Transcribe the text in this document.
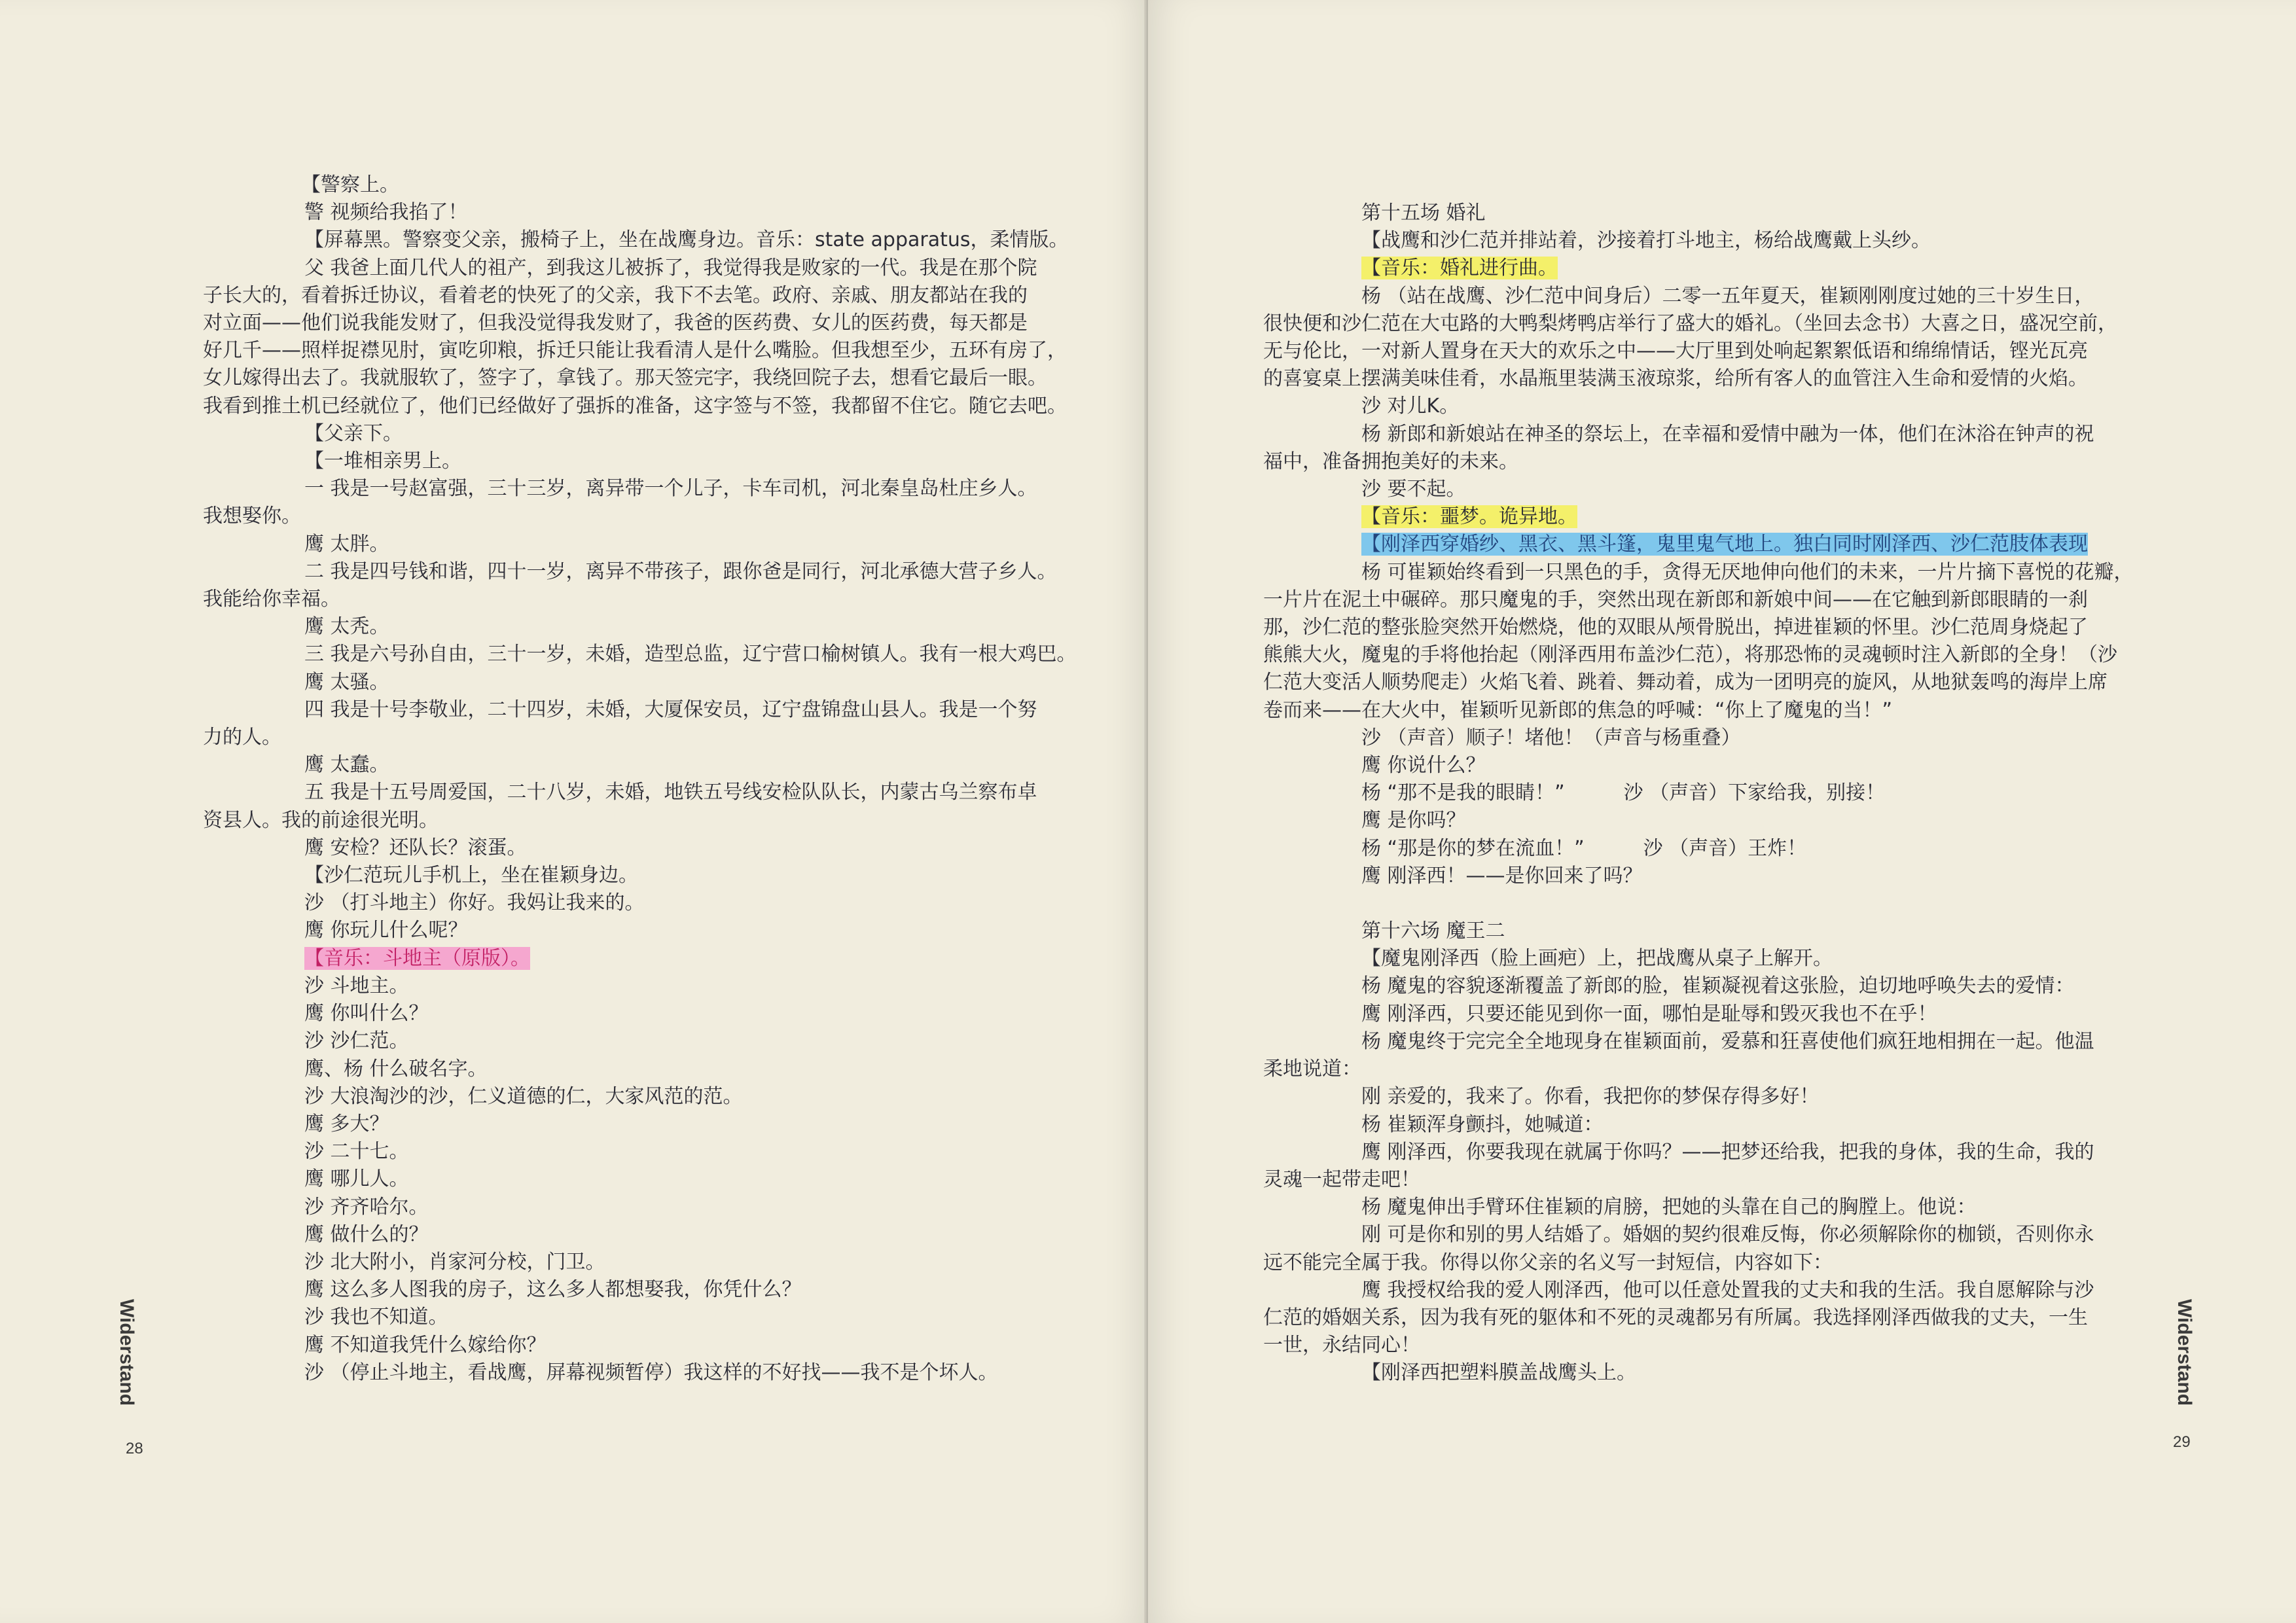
【警察上。
警 视频给我掐了！
【屏幕黑。警察变父亲，搬椅子上，坐在战鹰身边。音乐：state apparatus，柔情版。
父 我爸上面几代人的祖产，到我这儿被拆了，我觉得我是败家的一代。我是在那个院
子长大的，看着拆迁协议，看着老的快死了的父亲，我下不去笔。政府、亲戚、朋友都站在我的
对立面——他们说我能发财了，但我没觉得我发财了，我爸的医药费、女儿的医药费，每天都是
好几千——照样捉襟见肘，寅吃卯粮，拆迁只能让我看清人是什么嘴脸。但我想至少，五环有房了，
女儿嫁得出去了。我就服软了，签字了，拿钱了。那天签完字，我绕回院子去，想看它最后一眼。
我看到推土机已经就位了，他们已经做好了强拆的准备，这字签与不签，我都留不住它。随它去吧。
【父亲下。
【一堆相亲男上。
一 我是一号赵富强，三十三岁，离异带一个儿子，卡车司机，河北秦皇岛杜庄乡人。
我想娶你。
鹰 太胖。
二 我是四号钱和谐，四十一岁，离异不带孩子，跟你爸是同行，河北承德大营子乡人。
我能给你幸福。
鹰 太秃。
三 我是六号孙自由，三十一岁，未婚，造型总监，辽宁营口榆树镇人。我有一根大鸡巴。
鹰 太骚。
四 我是十号李敬业，二十四岁，未婚，大厦保安员，辽宁盘锦盘山县人。我是一个努
力的人。
鹰 太蠢。
五 我是十五号周爱国，二十八岁，未婚，地铁五号线安检队队长，内蒙古乌兰察布卓
资县人。我的前途很光明。
鹰 安检？还队长？滚蛋。
【沙仁范玩儿手机上，坐在崔颖身边。
沙 （打斗地主）你好。我妈让我来的。
鹰 你玩儿什么呢？
【音乐：斗地主（原版）。
沙 斗地主。
鹰 你叫什么？
沙 沙仁范。
鹰、杨 什么破名字。
沙 大浪淘沙的沙，仁义道德的仁，大家风范的范。
鹰 多大？
沙 二十七。
鹰 哪儿人。
沙 齐齐哈尔。
鹰 做什么的？
沙 北大附小，肖家河分校，门卫。
鹰 这么多人图我的房子，这么多人都想娶我，你凭什么？
沙 我也不知道。
鹰 不知道我凭什么嫁给你？
沙 （停止斗地主，看战鹰，屏幕视频暂停）我这样的不好找——我不是个坏人。
Widerstand
28
第十五场 婚礼
【战鹰和沙仁范并排站着，沙接着打斗地主，杨给战鹰戴上头纱。
【音乐：婚礼进行曲。
杨 （站在战鹰、沙仁范中间身后）二零一五年夏天，崔颖刚刚度过她的三十岁生日，
很快便和沙仁范在大屯路的大鸭梨烤鸭店举行了盛大的婚礼。（坐回去念书）大喜之日，盛况空前，
无与伦比，一对新人置身在天大的欢乐之中——大厅里到处响起絮絮低语和绵绵情话，铿光瓦亮
的喜宴桌上摆满美味佳肴，水晶瓶里装满玉液琼浆，给所有客人的血管注入生命和爱情的火焰。
沙 对儿K。
杨 新郎和新娘站在神圣的祭坛上，在幸福和爱情中融为一体，他们在沐浴在钟声的祝
福中，准备拥抱美好的未来。
沙 要不起。
【音乐：噩梦。诡异地。
【刚泽西穿婚纱、黑衣、黑斗篷，鬼里鬼气地上。独白同时刚泽西、沙仁范肢体表现
杨 可崔颖始终看到一只黑色的手，贪得无厌地伸向他们的未来，一片片摘下喜悦的花瓣，
一片片在泥土中碾碎。那只魔鬼的手，突然出现在新郎和新娘中间——在它触到新郎眼睛的一刹
那，沙仁范的整张脸突然开始燃烧，他的双眼从颅骨脱出，掉进崔颖的怀里。沙仁范周身烧起了
熊熊大火，魔鬼的手将他抬起（刚泽西用布盖沙仁范），将那恐怖的灵魂顿时注入新郎的全身！（沙
仁范大变活人顺势爬走）火焰飞着、跳着、舞动着，成为一团明亮的旋风，从地狱轰鸣的海岸上席
卷而来——在大火中，崔颖听见新郎的焦急的呼喊：“你上了魔鬼的当！”
沙 （声音）顺子！堵他！（声音与杨重叠）
鹰 你说什么？
杨 “那不是我的眼睛！”　　　沙 （声音）下家给我，别接！
鹰 是你吗？
杨 “那是你的梦在流血！”　　　沙 （声音）王炸！
鹰 刚泽西！——是你回来了吗？
第十六场 魔王二
【魔鬼刚泽西（脸上画疤）上，把战鹰从桌子上解开。
杨 魔鬼的容貌逐渐覆盖了新郎的脸，崔颖凝视着这张脸，迫切地呼唤失去的爱情：
鹰 刚泽西，只要还能见到你一面，哪怕是耻辱和毁灭我也不在乎！
杨 魔鬼终于完完全全地现身在崔颖面前，爱慕和狂喜使他们疯狂地相拥在一起。他温
柔地说道：
刚 亲爱的，我来了。你看，我把你的梦保存得多好！
杨 崔颖浑身颤抖，她喊道：
鹰 刚泽西，你要我现在就属于你吗？——把梦还给我，把我的身体，我的生命，我的
灵魂一起带走吧！
杨 魔鬼伸出手臂环住崔颖的肩膀，把她的头靠在自己的胸膛上。他说：
刚 可是你和别的男人结婚了。婚姻的契约很难反悔，你必须解除你的枷锁，否则你永
远不能完全属于我。你得以你父亲的名义写一封短信，内容如下：
鹰 我授权给我的爱人刚泽西，他可以任意处置我的丈夫和我的生活。我自愿解除与沙
仁范的婚姻关系，因为我有死的躯体和不死的灵魂都另有所属。我选择刚泽西做我的丈夫，一生
一世，永结同心！
【刚泽西把塑料膜盖战鹰头上。	Widerstand
29
